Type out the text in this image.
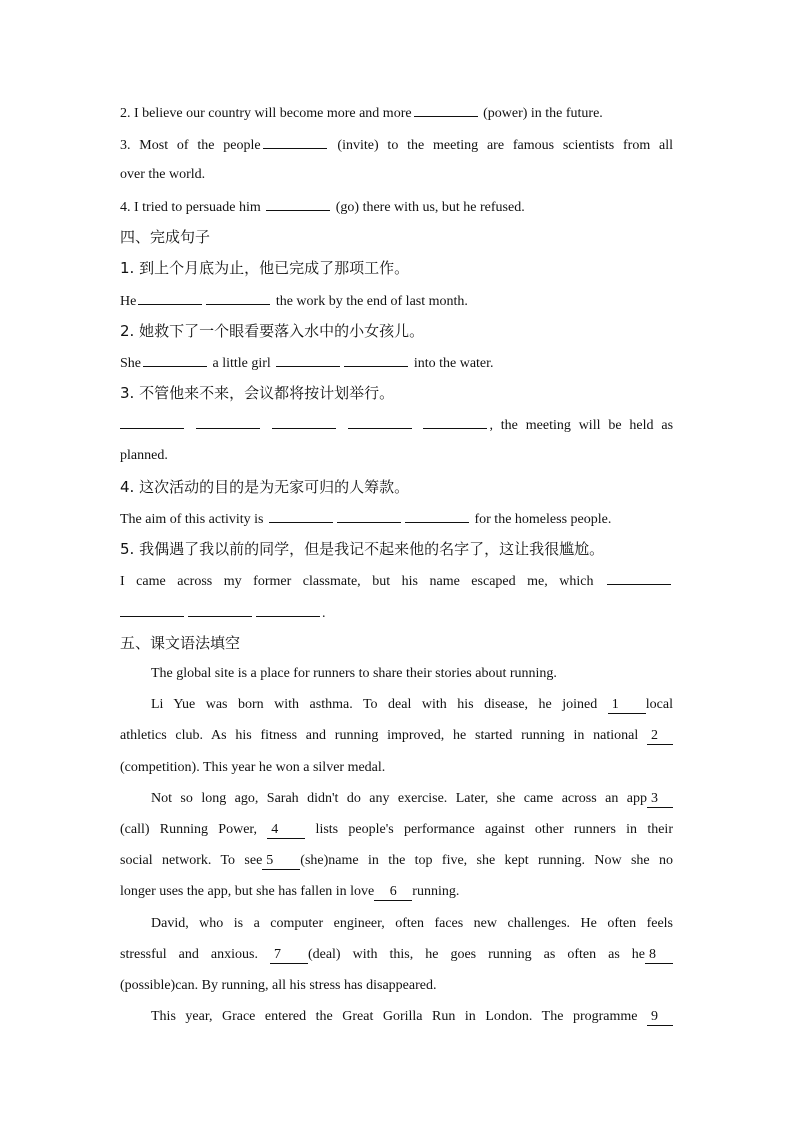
2. I believe our country will become more and more	(power) in the future.
3. Most of the people	(invite) to the meeting are famous scientists from all
over the world.
4. I tried to persuade him	(go) there with us, but he refused.
四、完成句子
1. 到上个月底为止，他已完成了那项工作。
He	the work by the end of last month.
2. 她救下了一个眼看要落入水中的小女孩儿。
She	a little girl	into the water.
3. 不管他来不来，会议都将按计划举行。
, the meeting will be held as
planned.
4. 这次活动的目的是为无家可归的人筹款。
The aim of this activity is	for the homeless people.
5. 我偶遇了我以前的同学，但是我记不起来他的名字了，这让我很尴尬。
I came across my former classmate, but his name escaped me, which
.
五、课文语法填空
The global site is a place for runners to share their stories about running.
Li Yue was born with asthma. To deal with his disease, he joined 1 local
athletics club. As his fitness and running improved, he started running in national 2
(competition). This year he won a silver medal.
Not so long ago, Sarah didn't do any exercise. Later, she came across an app 3
(call) Running Power, 4 lists people's performance against other runners in their
social network. To see 5 (she)name in the top five, she kept running. Now she no
longer uses the app, but she has fallen in love 6 running.
David, who is a computer engineer, often faces new challenges. He often feels
stressful and anxious. 7 (deal) with this, he goes running as often as he 8
(possible)can. By running, all his stress has disappeared.
This year, Grace entered the Great Gorilla Run in London. The programme 9
